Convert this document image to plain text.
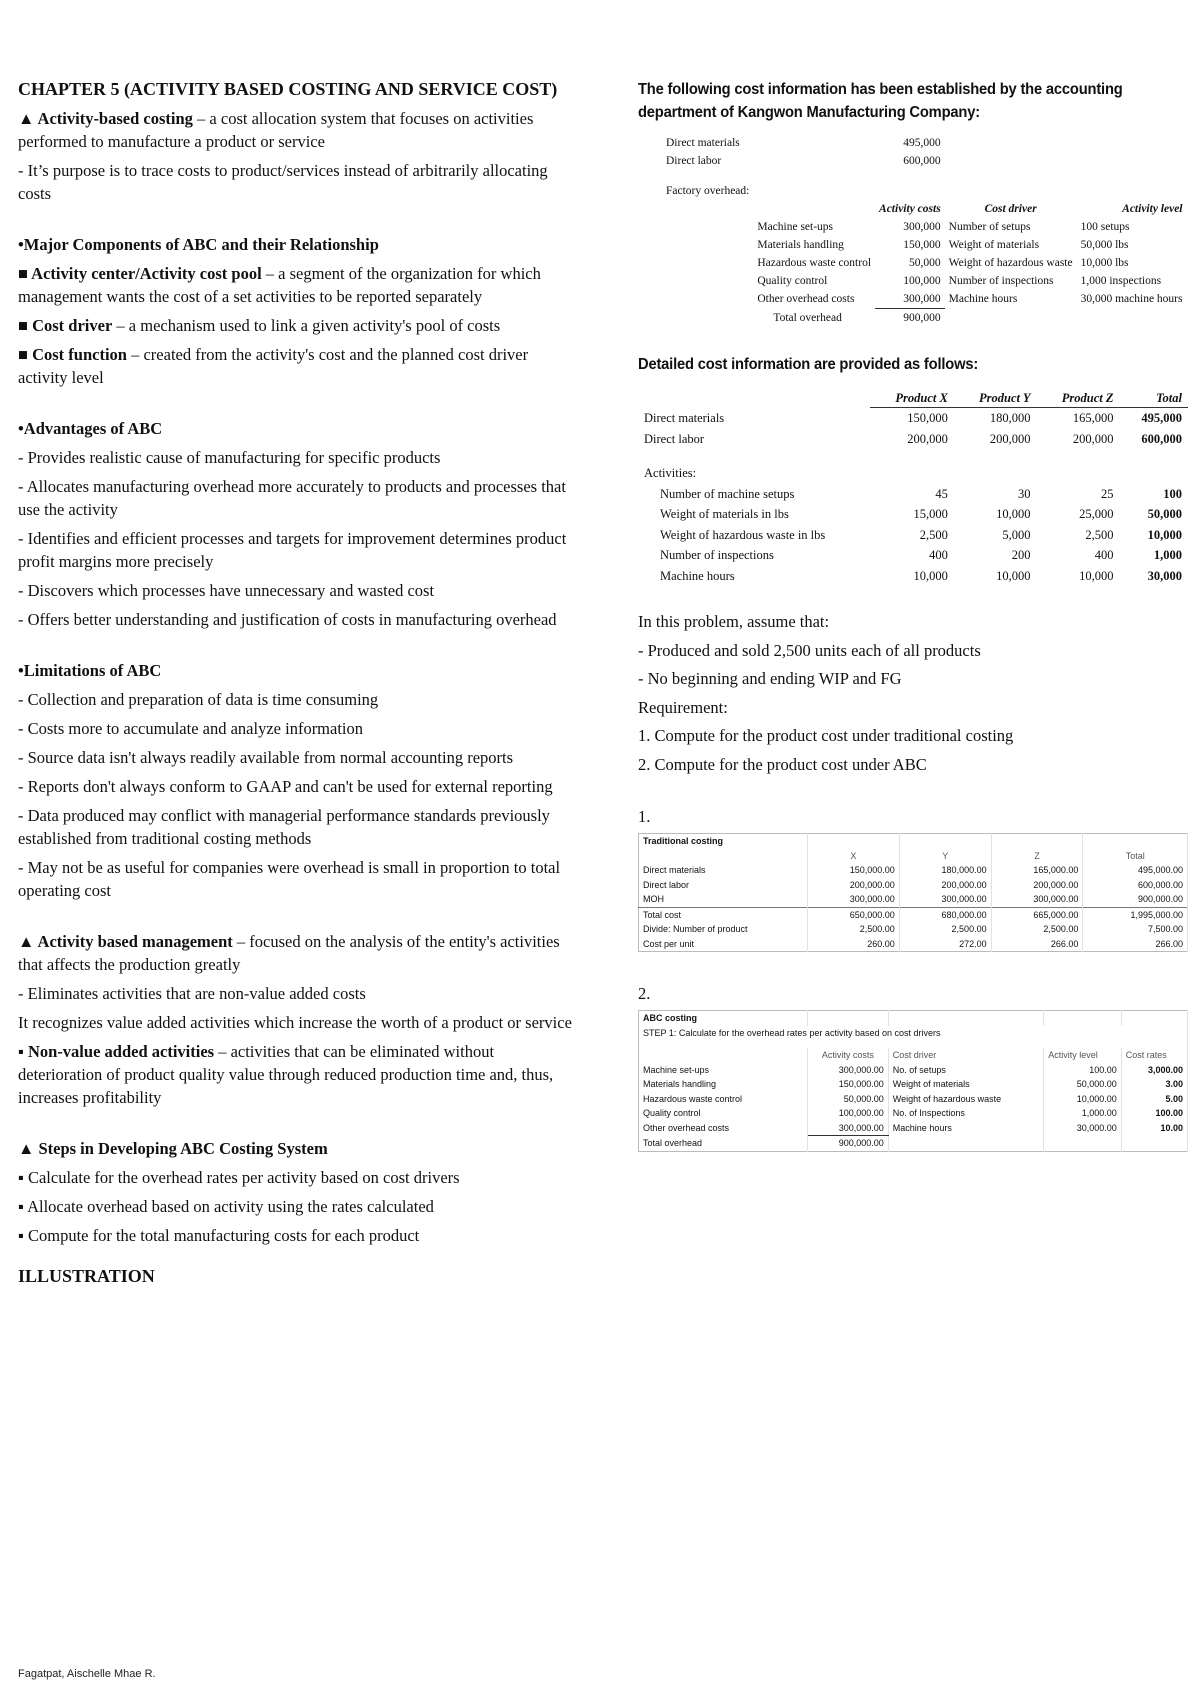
CHAPTER 5 (ACTIVITY BASED COSTING AND SERVICE COST)

▲ Activity-based costing – a cost allocation system that focuses on activities performed to manufacture a product or service

- It’s purpose is to trace costs to product/services instead of arbitrarily allocating costs

•Major Components of ABC and their Relationship

■ Activity center/Activity cost pool – a segment of the organization for which management wants the cost of a set activities to be reported separately

■ Cost driver – a mechanism used to link a given activity's pool of costs

■ Cost function – created from the activity's cost and the planned cost driver activity level

•Advantages of ABC

- Provides realistic cause of manufacturing for specific products

- Allocates manufacturing overhead more accurately to products and processes that use the activity

- Identifies and efficient processes and targets for improvement determines product profit margins more precisely

- Discovers which processes have unnecessary and wasted cost

- Offers better understanding and justification of costs in manufacturing overhead

•Limitations of ABC

- Collection and preparation of data is time consuming

- Costs more to accumulate and analyze information

- Source data isn't always readily available from normal accounting reports

- Reports don't always conform to GAAP and can't be used for external reporting

- Data produced may conflict with managerial performance standards previously established from traditional costing methods

- May not be as useful for companies were overhead is small in proportion to total operating cost

▲ Activity based management – focused on the analysis of the entity's activities that affects the production greatly

- Eliminates activities that are non-value added costs

It recognizes value added activities which increase the worth of a product or service

▪ Non-value added activities – activities that can be eliminated without deterioration of product quality value through reduced production time and, thus, increases profitability

▲ Steps in Developing ABC Costing System

▪ Calculate for the overhead rates per activity based on cost drivers

▪ Allocate overhead based on activity using the rates calculated

▪ Compute for the total manufacturing costs for each product

ILLUSTRATION

The following cost information has been established by the accounting department of Kangwon Manufacturing Company:

Direct materials		495,000		
Direct labor		600,000		

Factory overhead:				
		Activity costs	Cost driver	Activity level
	Machine set-ups	300,000	Number of setups	100 setups
	Materials handling	150,000	Weight of materials	50,000 lbs
	Hazardous waste control	50,000	Weight of hazardous waste	10,000 lbs
	Quality control	100,000	Number of inspections	1,000 inspections
	Other overhead costs	300,000	Machine hours	30,000 machine hours
	Total overhead	900,000		

Detailed cost information are provided as follows:

	Product X	Product Y	Product Z	Total
Direct materials	150,000	180,000	165,000	495,000
Direct labor	200,000	200,000	200,000	600,000

Activities:				
Number of machine setups	45	30	25	100
Weight of materials in lbs	15,000	10,000	25,000	50,000
Weight of hazardous waste in lbs	2,500	5,000	2,500	10,000
Number of inspections	400	200	400	1,000
Machine hours	10,000	10,000	10,000	30,000

In this problem, assume that:

- Produced and sold 2,500 units each of all products

- No beginning and ending WIP and FG

Requirement:

1. Compute for the product cost under traditional costing

2. Compute for the product cost under ABC

1.

Traditional costing				
	X	Y	Z	Total
Direct materials	150,000.00	180,000.00	165,000.00	495,000.00
Direct labor	200,000.00	200,000.00	200,000.00	600,000.00
MOH	300,000.00	300,000.00	300,000.00	900,000.00
Total cost	650,000.00	680,000.00	665,000.00	1,995,000.00
Divide: Number of product	2,500.00	2,500.00	2,500.00	7,500.00
Cost per unit	260.00	272.00	266.00	266.00

2.

ABC costing				
STEP 1: Calculate for the overhead rates per activity based on cost drivers				

	Activity costs	Cost driver	Activity level	Cost rates
Machine set-ups	300,000.00	No. of setups	100.00	3,000.00
Materials handling	150,000.00	Weight of materials	50,000.00	3.00
Hazardous waste control	50,000.00	Weight of hazardous waste	10,000.00	5.00
Quality control	100,000.00	No. of Inspections	1,000.00	100.00
Other overhead costs	300,000.00	Machine hours	30,000.00	10.00
Total overhead	900,000.00			
Fagatpat, Aischelle Mhae R.
